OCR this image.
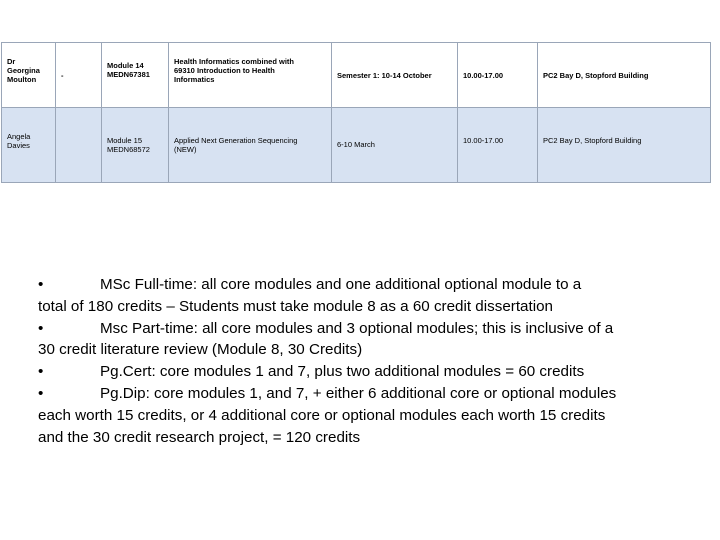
Dr
Georgina
Moulton	-	Module 14
MEDN67381	Health Informatics combined with
69310 Introduction to Health
Informatics	Semester 1: 10-14 October	10.00-17.00	PC2 Bay D, Stopford Building

Angela
Davies		Module 15
MEDN68572	Applied Next Generation Sequencing
(NEW)	6-10 March	10.00-17.00	PC2 Bay D, Stopford Building
•	MSc Full-time: all core modules and one additional optional module to a
total of 180 credits – Students must take module 8 as a 60 credit dissertation
•	Msc Part-time: all core modules and 3 optional modules; this is inclusive of a
30 credit literature review (Module 8, 30 Credits)
•	Pg.Cert: core modules 1 and 7, plus two additional modules = 60 credits
•	Pg.Dip: core modules 1, and 7, + either 6 additional core or optional modules
each worth 15 credits, or 4 additional core or optional modules each worth 15 credits
and the 30 credit research project, = 120 credits
